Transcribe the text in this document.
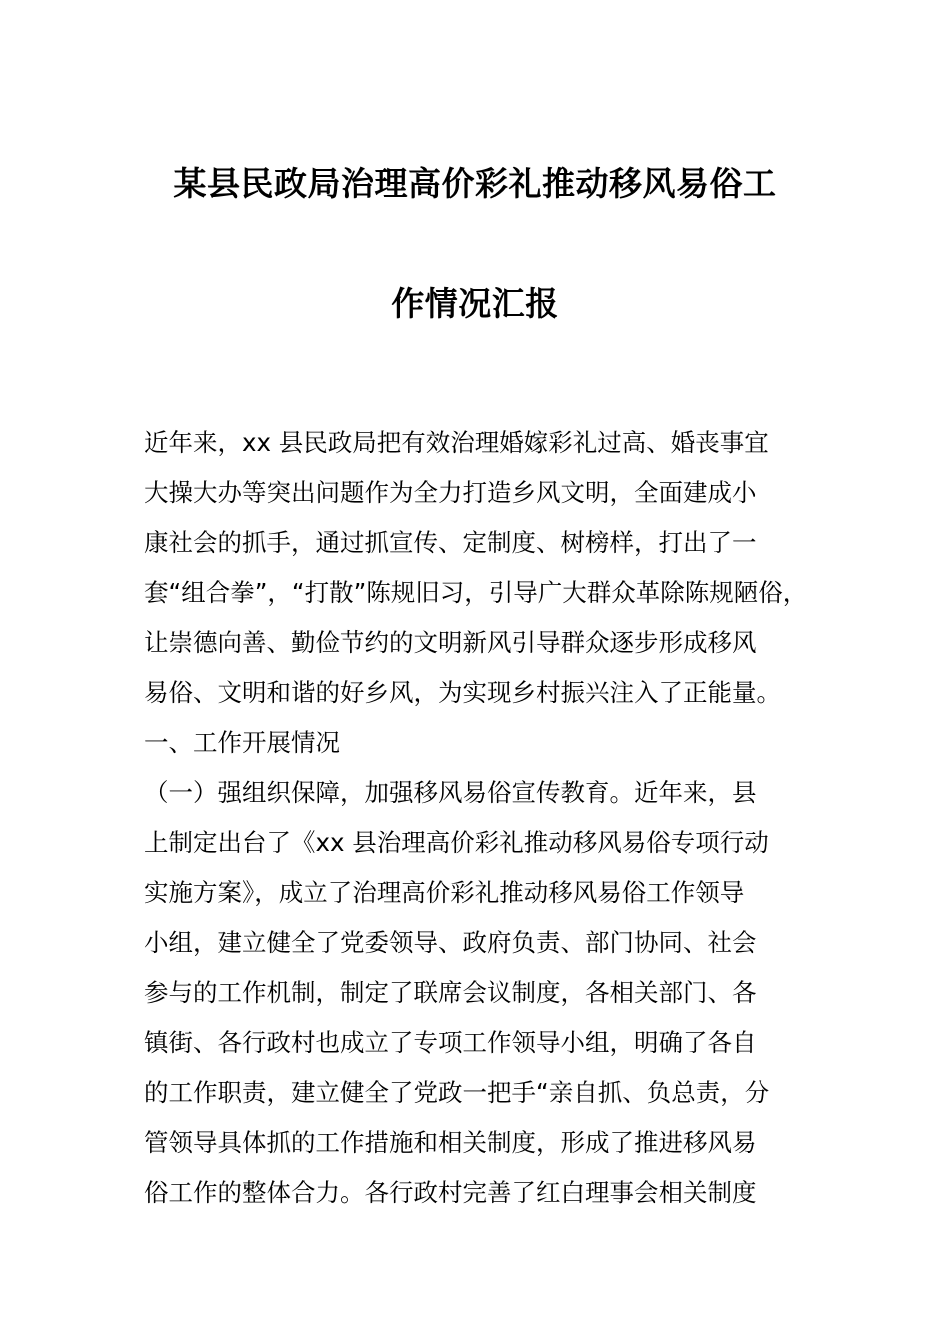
某县民政局治理高价彩礼推动移风易俗工
作情况汇报
近年来，xx 县民政局把有效治理婚嫁彩礼过高、婚丧事宜
大操大办等突出问题作为全力打造乡风文明，全面建成小
康社会的抓手，通过抓宣传、定制度、树榜样，打出了一
套“组合拳”，“打散”陈规旧习，引导广大群众革除陈规陋俗，
让崇德向善、勤俭节约的文明新风引导群众逐步形成移风
易俗、文明和谐的好乡风，为实现乡村振兴注入了正能量。
一、工作开展情况
（一）强组织保障，加强移风易俗宣传教育。近年来，县
上制定出台了《xx 县治理高价彩礼推动移风易俗专项行动
实施方案》，成立了治理高价彩礼推动移风易俗工作领导
小组，建立健全了党委领导、政府负责、部门协同、社会
参与的工作机制，制定了联席会议制度，各相关部门、各
镇街、各行政村也成立了专项工作领导小组，明确了各自
的工作职责，建立健全了党政一把手“亲自抓、负总责，分
管领导具体抓的工作措施和相关制度，形成了推进移风易
俗工作的整体合力。各行政村完善了红白理事会相关制度
